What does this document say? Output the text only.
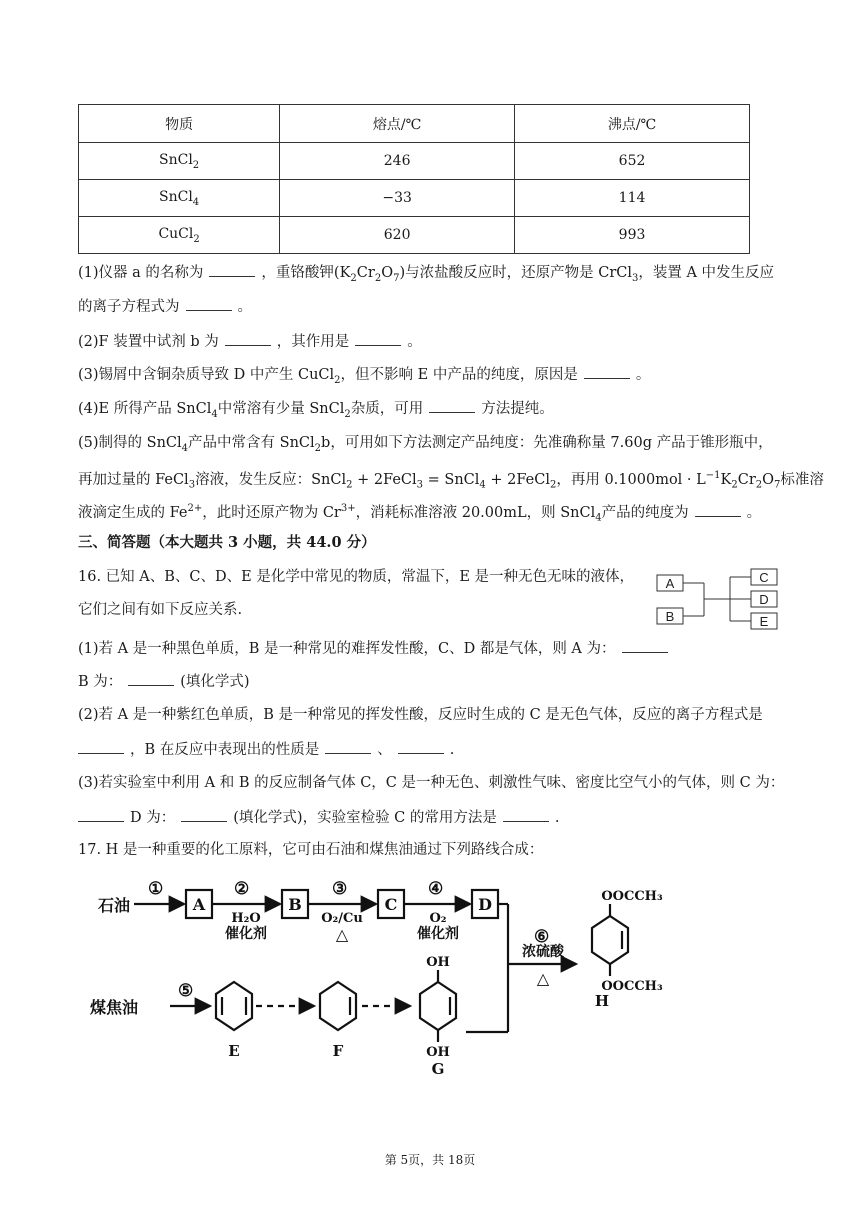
物质	熔点/℃	沸点/℃
SnCl$_2$	246	652
SnCl$_4$	−33	114
CuCl$_2$	620	993
(1)仪器 a 的名称为	，重铬酸钾$(K_2Cr_2O_7)$与浓盐酸反应时，还原产物是 CrCl$_3$，装置 A 中发生反应
的离子方程式为	。
(2)F 装置中试剂 b 为	，其作用是	。
(3)锡屑中含铜杂质导致 D 中产生 CuCl$_2$，但不影响 E 中产品的纯度，原因是	。
(4)E 所得产品 SnCl$_4$中常溶有少量 SnCl$_2$杂质，可用	方法提纯。
(5)制得的 SnCl$_4$产品中常含有 SnCl$_2$b，可用如下方法测定产品纯度：先准确称量 7.60g 产品于锥形瓶中，
再加过量的 FeCl$_3$溶液，发生反应：SnCl$_2$ + 2FeCl$_3$ = SnCl$_4$ + 2FeCl$_2$，再用 $0.1000mol \cdot L^{-1}K_2Cr_2O_7$标准溶
液滴定生成的 $Fe^{2+}$，此时还原产物为 $Cr^{3+}$，消耗标准溶液 20.00mL，则 SnCl$_4$产品的纯度为	。
三、简答题（本大题共 3 小题，共 44.0 分）
16. 已知 A、B、C、D、E 是化学中常见的物质，常温下，E 是一种无色无味的液体，
它们之间有如下反应关系.
A
B
C
D
E
(1)若 A 是一种黑色单质，B 是一种常见的难挥发性酸，C、D 都是气体，则 A 为：
B 为：	(填化学式)
(2)若 A 是一种紫红色单质，B 是一种常见的挥发性酸，反应时生成的 C 是无色气体，反应的离子方程式是
，B 在反应中表现出的性质是	、	.
(3)若实验室中利用 A 和 B 的反应制备气体 C，C 是一种无色、刺激性气味、密度比空气小的气体，则 C 为：
D 为：	(填化学式)，实验室检验 C 的常用方法是	.
17. H 是一种重要的化工原料，它可由石油和煤焦油通过下列路线合成：
石油
煤焦油
①	②	③	④
⑤
⑥
A	B	C	D
H₂O
催化剂
O₂/Cu
△
O₂
催化剂
浓硫酸
△
OH
OH
OOCCH₃
OOCCH₃
E	F
G
H
第 5页，共 18页
